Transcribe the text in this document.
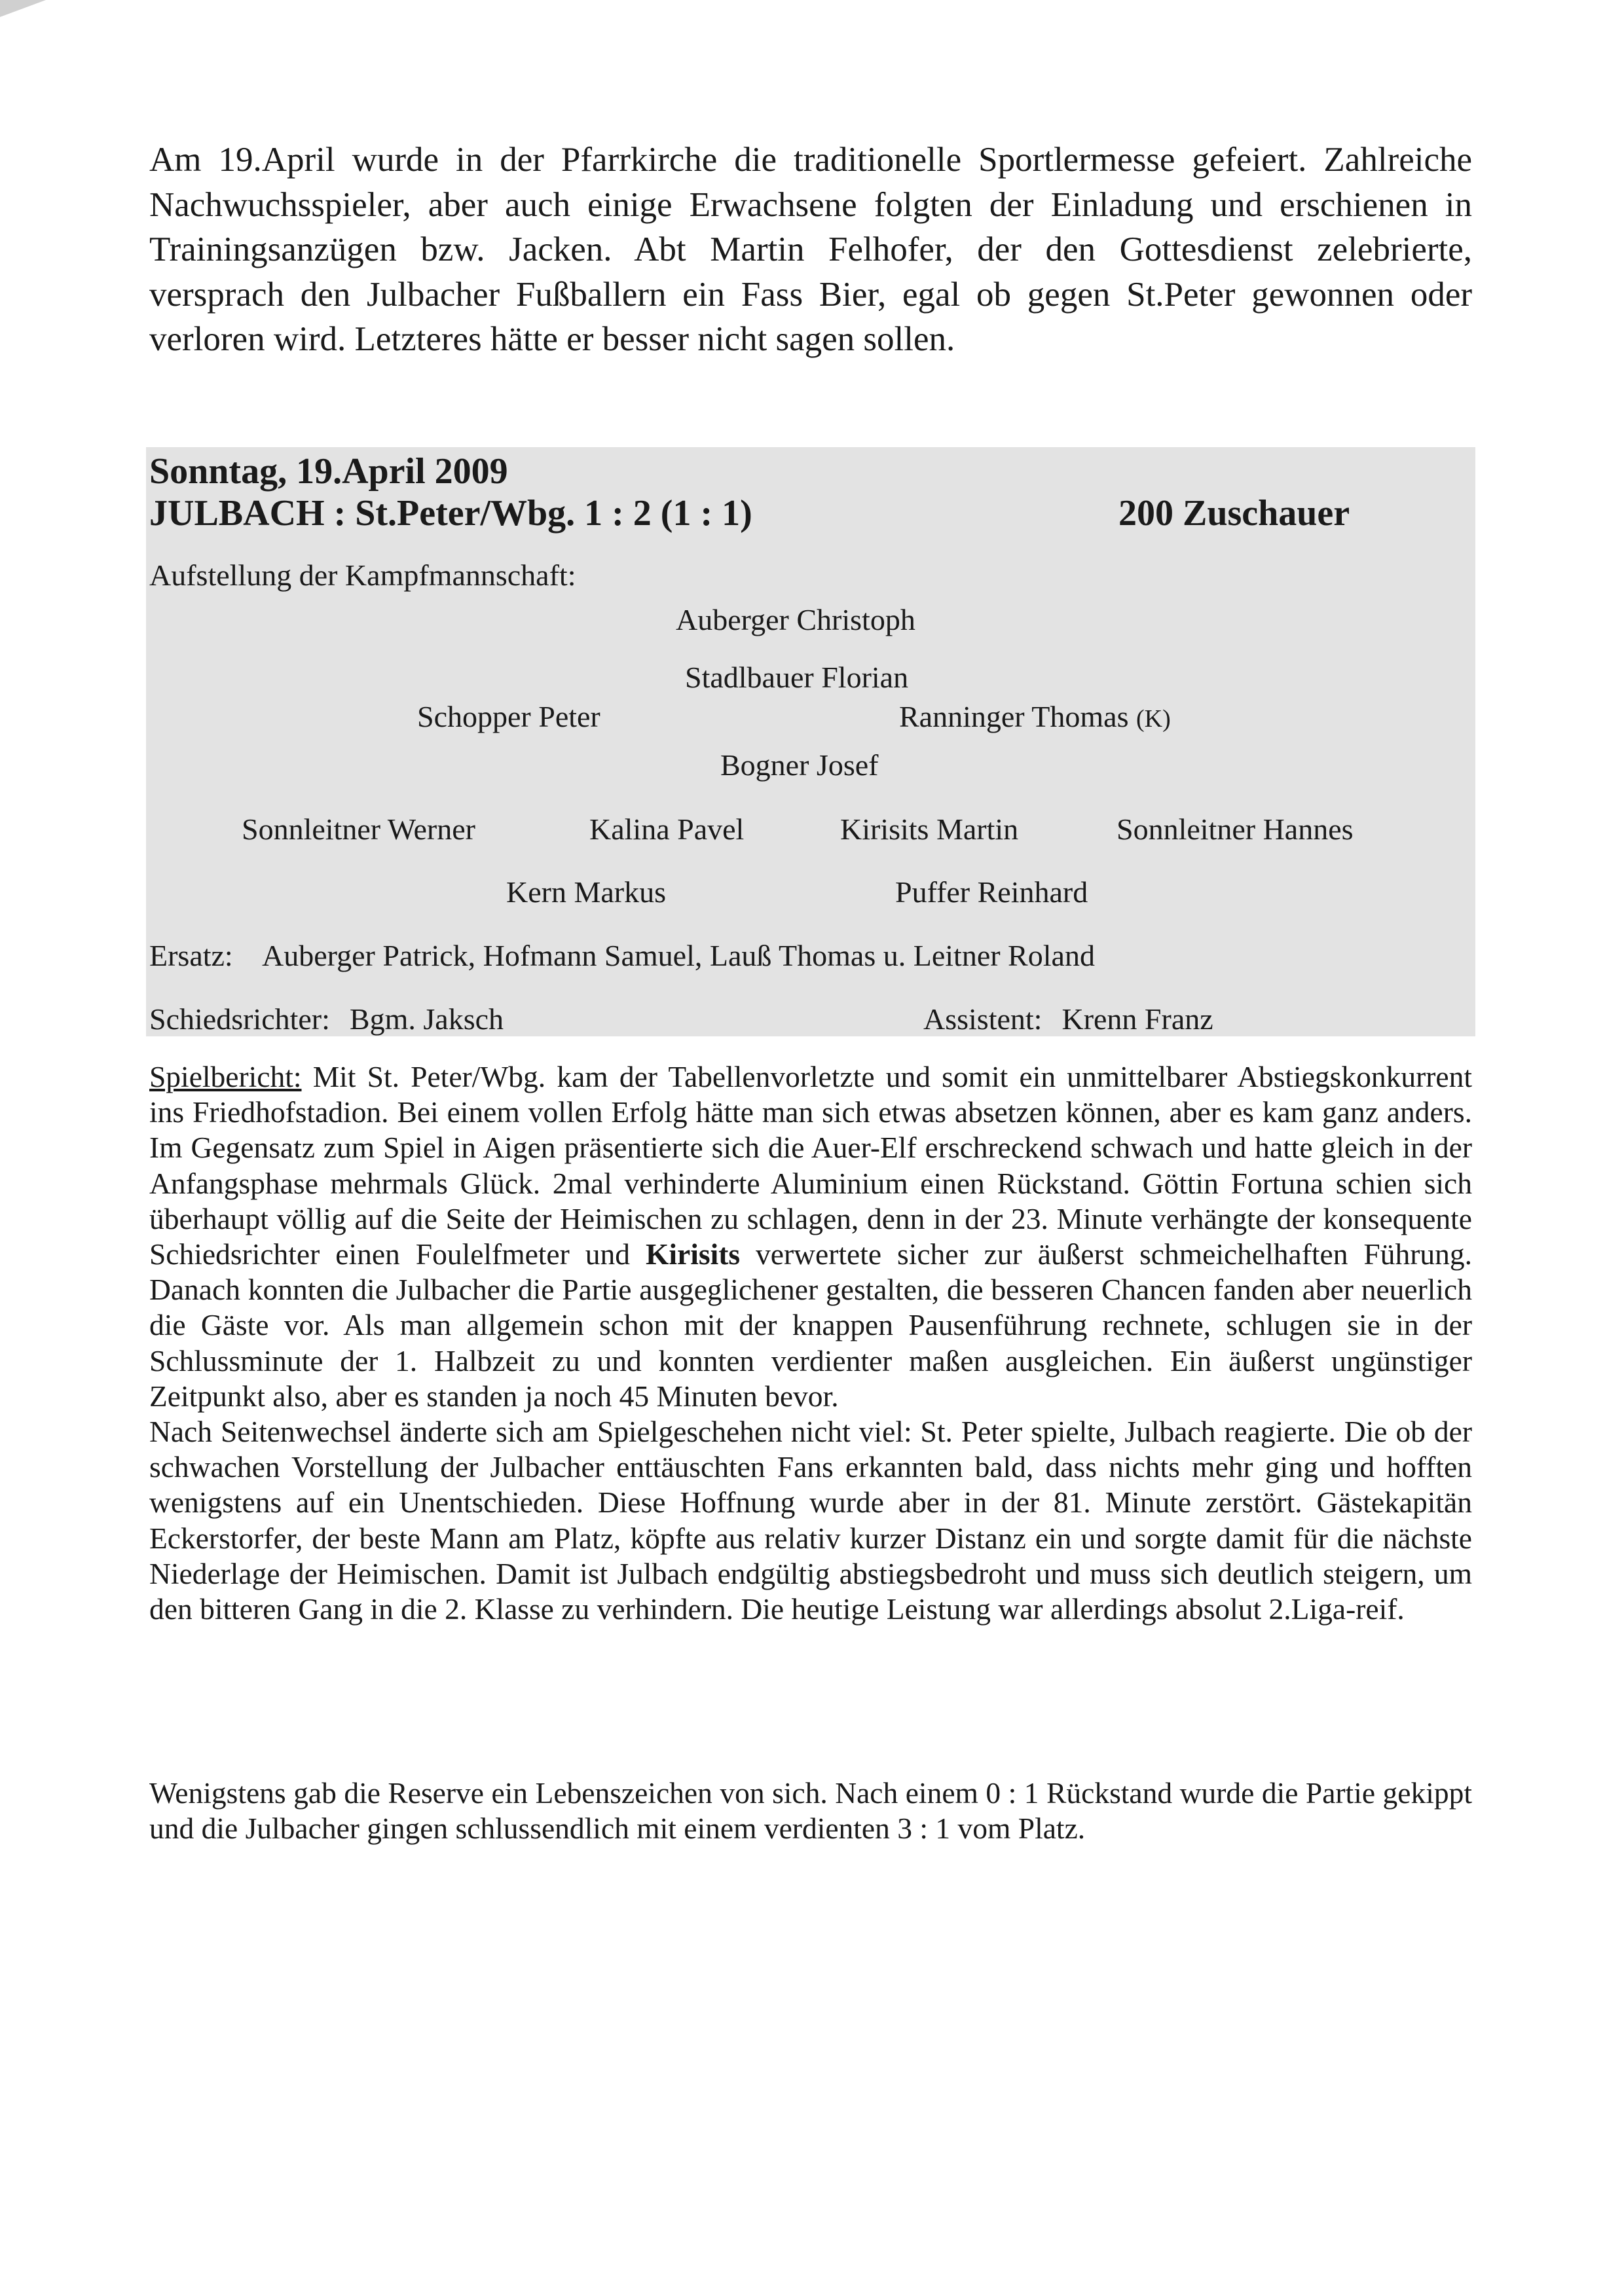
Am 19.April wurde in der Pfarrkirche die traditionelle Sportlermesse gefeiert. Zahlreiche Nachwuchsspieler, aber auch einige Erwachsene folgten der Einladung und erschienen in Trainingsanzügen bzw. Jacken. Abt Martin Felhofer, der den Gottesdienst zelebrierte, versprach den Julbacher Fußballern ein Fass Bier, egal ob gegen St.Peter gewonnen oder verloren wird. Letzteres hätte er besser nicht sagen sollen.
Sonntag, 19.April 2009
JULBACH : St.Peter/Wbg. 1 : 2 (1 : 1)	200 Zuschauer
Aufstellung der Kampfmannschaft:
Auberger Christoph
Stadlbauer Florian
Schopper Peter	Ranninger Thomas (K)
Bogner Josef
Sonnleitner Werner	Kalina Pavel	Kirisits Martin	Sonnleitner Hannes
Kern Markus	Puffer Reinhard
Ersatz: Auberger Patrick, Hofmann Samuel, Lauß Thomas u. Leitner Roland
Schiedsrichter: Bgm. Jaksch	Assistent: Krenn Franz

Spielbericht: Mit St. Peter/Wbg. kam der Tabellenvorletzte und somit ein unmittelbarer Abstiegskonkurrent ins Friedhofstadion. Bei einem vollen Erfolg hätte man sich etwas absetzen können, aber es kam ganz anders. Im Gegensatz zum Spiel in Aigen präsentierte sich die Auer-Elf erschreckend schwach und hatte gleich in der Anfangsphase mehrmals Glück. 2mal verhinderte Aluminium einen Rückstand. Göttin Fortuna schien sich überhaupt völlig auf die Seite der Heimischen zu schlagen, denn in der 23. Minute verhängte der konsequente Schiedsrichter einen Foulelfmeter und Kirisits verwertete sicher zur äußerst schmeichelhaften Führung. Danach konnten die Julbacher die Partie ausgeglichener gestalten, die besseren Chancen fanden aber neuerlich die Gäste vor. Als man allgemein schon mit der knappen Pausenführung rechnete, schlugen sie in der Schlussminute der 1. Halbzeit zu und konnten verdienter maßen ausgleichen. Ein äußerst ungünstiger Zeitpunkt also, aber es standen ja noch 45 Minuten bevor.

Nach Seitenwechsel änderte sich am Spielgeschehen nicht viel: St. Peter spielte, Julbach reagierte. Die ob der schwachen Vorstellung der Julbacher enttäuschten Fans erkannten bald, dass nichts mehr ging und hofften wenigstens auf ein Unentschieden. Diese Hoffnung wurde aber in der 81. Minute zerstört. Gästekapitän Eckerstorfer, der beste Mann am Platz, köpfte aus relativ kurzer Distanz ein und sorgte damit für die nächste Niederlage der Heimischen. Damit ist Julbach endgültig abstiegsbedroht und muss sich deutlich steigern, um den bitteren Gang in die 2. Klasse zu verhindern. Die heutige Leistung war allerdings absolut 2.Liga-reif.

Wenigstens gab die Reserve ein Lebenszeichen von sich. Nach einem 0 : 1 Rückstand wurde die Partie gekippt und die Julbacher gingen schlussendlich mit einem verdienten 3 : 1 vom Platz.
